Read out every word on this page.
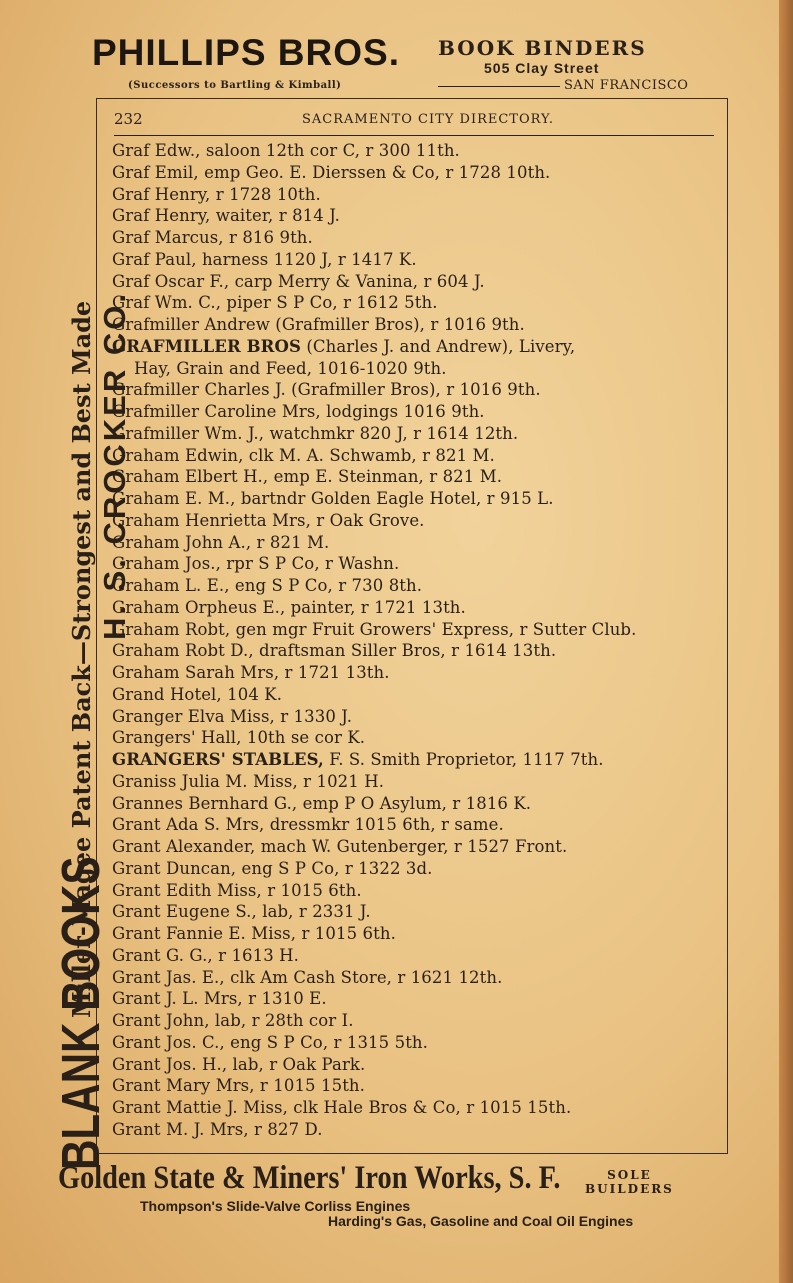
PHILLIPS BROS.
(Successors to Bartling & Kimball)
BOOK BINDERS
505 Clay Street
SAN FRANCISCO
232	SACRAMENTO CITY DIRECTORY.
Graf Edw., saloon 12th cor C, r 300 11th.
Graf Emil, emp Geo. E. Dierssen & Co, r 1728 10th.
Graf Henry, r 1728 10th.
Graf Henry, waiter, r 814 J.
Graf Marcus, r 816 9th.
Graf Paul, harness 1120 J, r 1417 K.
Graf Oscar F., carp Merry & Vanina, r 604 J.
Graf Wm. C., piper S P Co, r 1612 5th.
Grafmiller Andrew (Grafmiller Bros), r 1016 9th.
GRAFMILLER BROS (Charles J. and Andrew), Livery,
Hay, Grain and Feed, 1016-1020 9th.
Grafmiller Charles J. (Grafmiller Bros), r 1016 9th.
Grafmiller Caroline Mrs, lodgings 1016 9th.
Grafmiller Wm. J., watchmkr 820 J, r 1614 12th.
Graham Edwin, clk M. A. Schwamb, r 821 M.
Graham Elbert H., emp E. Steinman, r 821 M.
Graham E. M., bartndr Golden Eagle Hotel, r 915 L.
Graham Henrietta Mrs, r Oak Grove.
Graham John A., r 821 M.
Graham Jos., rpr S P Co, r Washn.
Graham L. E., eng S P Co, r 730 8th.
Graham Orpheus E., painter, r 1721 13th.
Graham Robt, gen mgr Fruit Growers' Express, r Sutter Club.
Graham Robt D., draftsman Siller Bros, r 1614 13th.
Graham Sarah Mrs, r 1721 13th.
Grand Hotel, 104 K.
Granger Elva Miss, r 1330 J.
Grangers' Hall, 10th se cor K.
GRANGERS' STABLES, F. S. Smith Proprietor, 1117 7th.
Graniss Julia M. Miss, r 1021 H.
Grannes Bernhard G., emp P O Asylum, r 1816 K.
Grant Ada S. Mrs, dressmkr 1015 6th, r same.
Grant Alexander, mach W. Gutenberger, r 1527 Front.
Grant Duncan, eng S P Co, r 1322 3d.
Grant Edith Miss, r 1015 6th.
Grant Eugene S., lab, r 2331 J.
Grant Fannie E. Miss, r 1015 6th.
Grant G. G., r 1613 H.
Grant Jas. E., clk Am Cash Store, r 1621 12th.
Grant J. L. Mrs, r 1310 E.
Grant John, lab, r 28th cor I.
Grant Jos. C., eng S P Co, r 1315 5th.
Grant Jos. H., lab, r Oak Park.
Grant Mary Mrs, r 1015 15th.
Grant Mattie J. Miss, clk Hale Bros & Co, r 1015 15th.
Grant M. J. Mrs, r 827 D.
BLANK BOOKSMiller-Magee Patent Back—Strongest and Best Made H. S. CROCKER CO.
Golden State & Miners' Iron Works, S. F.	SOLE
BUILDERS
Thompson's Slide-Valve Corliss Engines
Harding's Gas, Gasoline and Coal Oil Engines
